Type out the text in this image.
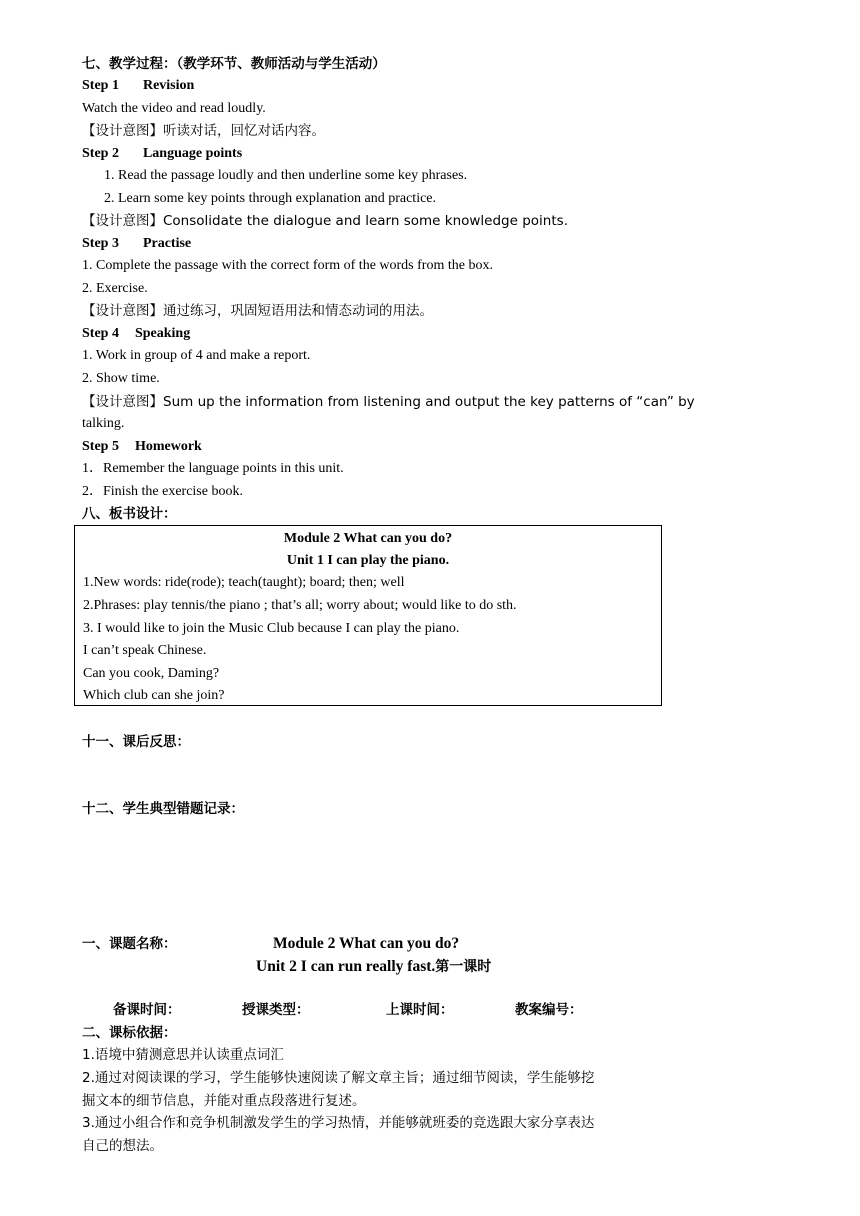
七、教学过程：（教学环节、教师活动与学生活动）
Step 1 Revision
Watch the video and read loudly.
【设计意图】听读对话，回忆对话内容。
Step 2 Language points
1. Read the passage loudly and then underline some key phrases.
2. Learn some key points through explanation and practice.
【设计意图】Consolidate the dialogue and learn some knowledge points.
Step 3 Practise
1. Complete the passage with the correct form of the words from the box.
2. Exercise.
【设计意图】通过练习，巩固短语用法和情态动词的用法。
Step 4 Speaking
1. Work in group of 4 and make a report.
2. Show time.
【设计意图】Sum up the information from listening and output the key patterns of “can” by
talking.
Step 5 Homework
1．Remember the language points in this unit.
2．Finish the exercise book.
八、板书设计：
Module 2 What can you do?
Unit 1 I can play the piano.
1.New words: ride(rode); teach(taught); board; then; well
2.Phrases: play tennis/the piano ; that’s all; worry about; would like to do sth.
3. I would like to join the Music Club because I can play the piano.
I can’t speak Chinese.
Can you cook, Daming?
Which club can she join?
十一、课后反思：
十二、学生典型错题记录：
一、课题名称：	Module 2 What can you do?
Unit 2 I can run really fast.第一课时
备课时间：	授课类型：	上课时间：	教案编号：
二、课标依据：
1.语境中猜测意思并认读重点词汇
2.通过对阅读课的学习，学生能够快速阅读了解文章主旨；通过细节阅读，学生能够挖
掘文本的细节信息，并能对重点段落进行复述。
3.通过小组合作和竞争机制激发学生的学习热情，并能够就班委的竞选跟大家分享表达
自己的想法。
